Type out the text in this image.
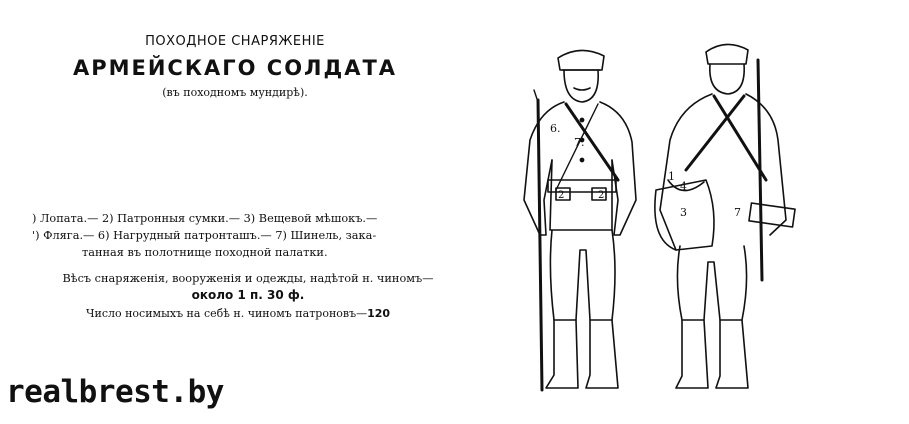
ПОХОДНОЕ СНАРЯЖЕНIЕ
АРМЕЙСКАГО СОЛДАТА
(въ походномъ мундирѣ).
) Лопата.— 2) Патронныя сумки.— 3) Вещевой мѣшокъ.—
') Фляга.— 6) Нагрудный патронташъ.— 7) Шинель, зака-
танная въ полотнище походной палатки.
Вѣсъ снаряженія, вооруженія и одежды, надѣтой н. чиномъ—
около 1 п. 30 ф.
Число носимыхъ на себѣ н. чиномъ патроновъ—120
6.
7.
2	2
1
4
3	7
realbrest.by
